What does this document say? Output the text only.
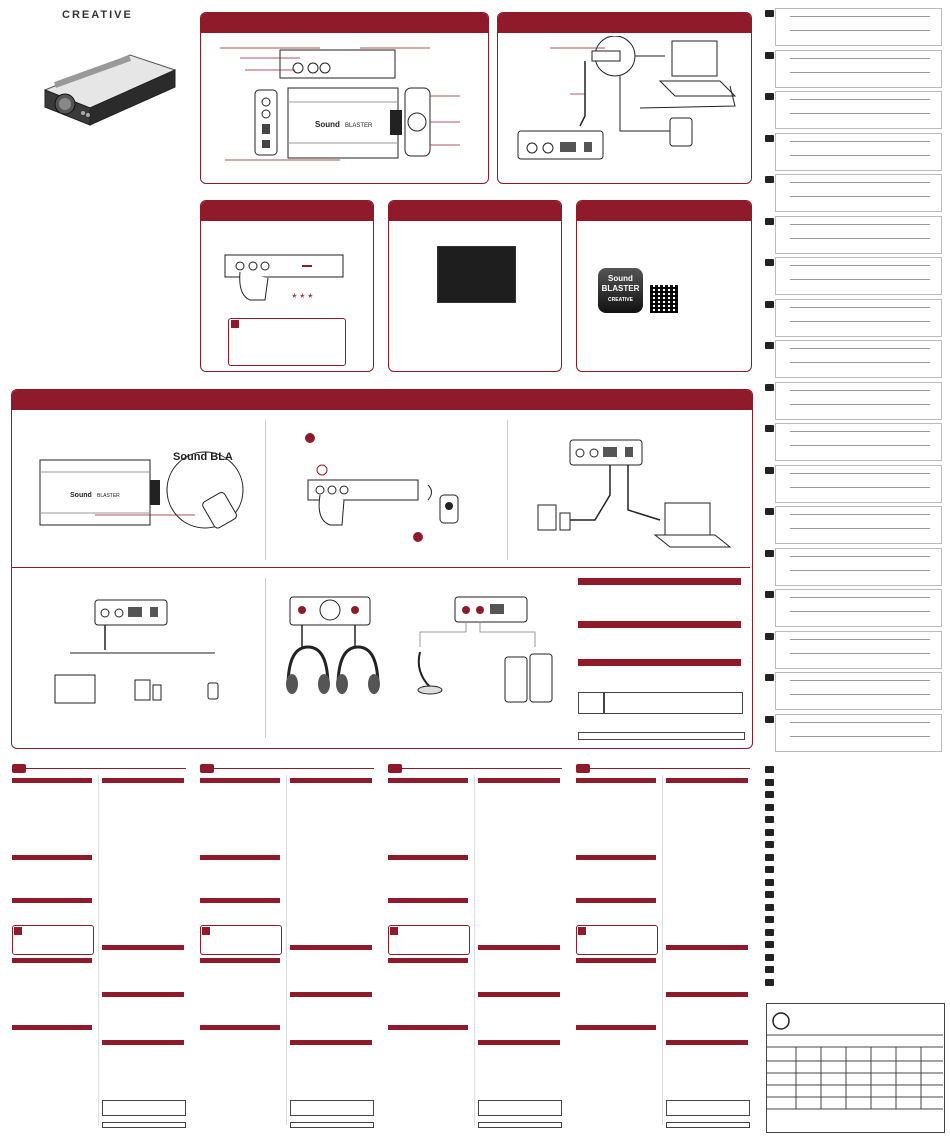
CREATIVE
Sound BLASTER
* * *
Sound BLASTER
CREATIVE
Sound BLASTER
Sound BLA
